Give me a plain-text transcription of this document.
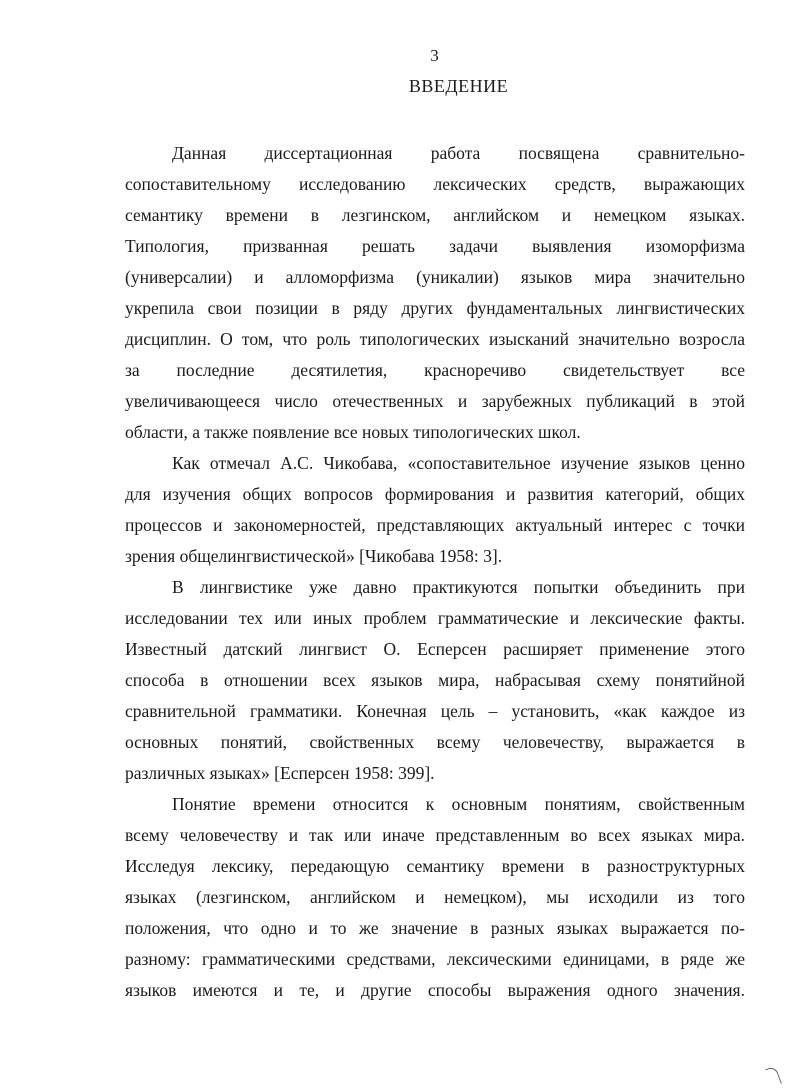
3
ВВЕДЕНИЕ
Данная диссертационная работа посвящена сравнительно-
сопоставительному исследованию лексических средств, выражающих
семантику времени в лезгинском, английском и немецком языках.
Типология, призванная решать задачи выявления изоморфизма
(универсалии) и алломорфизма (уникалии) языков мира значительно
укрепила свои позиции в ряду других фундаментальных лингвистических
дисциплин. О том, что роль типологических изысканий значительно возросла
за последние десятилетия, красноречиво свидетельствует все
увеличивающееся число отечественных и зарубежных публикаций в этой
области, а также появление все новых типологических школ.
Как отмечал А.С. Чикобава, «сопоставительное изучение языков ценно
для изучения общих вопросов формирования и развития категорий, общих
процессов и закономерностей, представляющих актуальный интерес с точки
зрения общелингвистической» [Чикобава 1958: 3].
В лингвистике уже давно практикуются попытки объединить при
исследовании тех или иных проблем грамматические и лексические факты.
Известный датский лингвист О. Есперсен расширяет применение этого
способа в отношении всех языков мира, набрасывая схему понятийной
сравнительной грамматики. Конечная цель – установить, «как каждое из
основных понятий, свойственных всему человечеству, выражается в
различных языках» [Есперсен 1958: 399].
Понятие времени относится к основным понятиям, свойственным
всему человечеству и так или иначе представленным во всех языках мира.
Исследуя лексику, передающую семантику времени в разноструктурных
языках (лезгинском, английском и немецком), мы исходили из того
положения, что одно и то же значение в разных языках выражается по-
разному: грамматическими средствами, лексическими единицами, в ряде же
языков имеются и те, и другие способы выражения одного значения.
